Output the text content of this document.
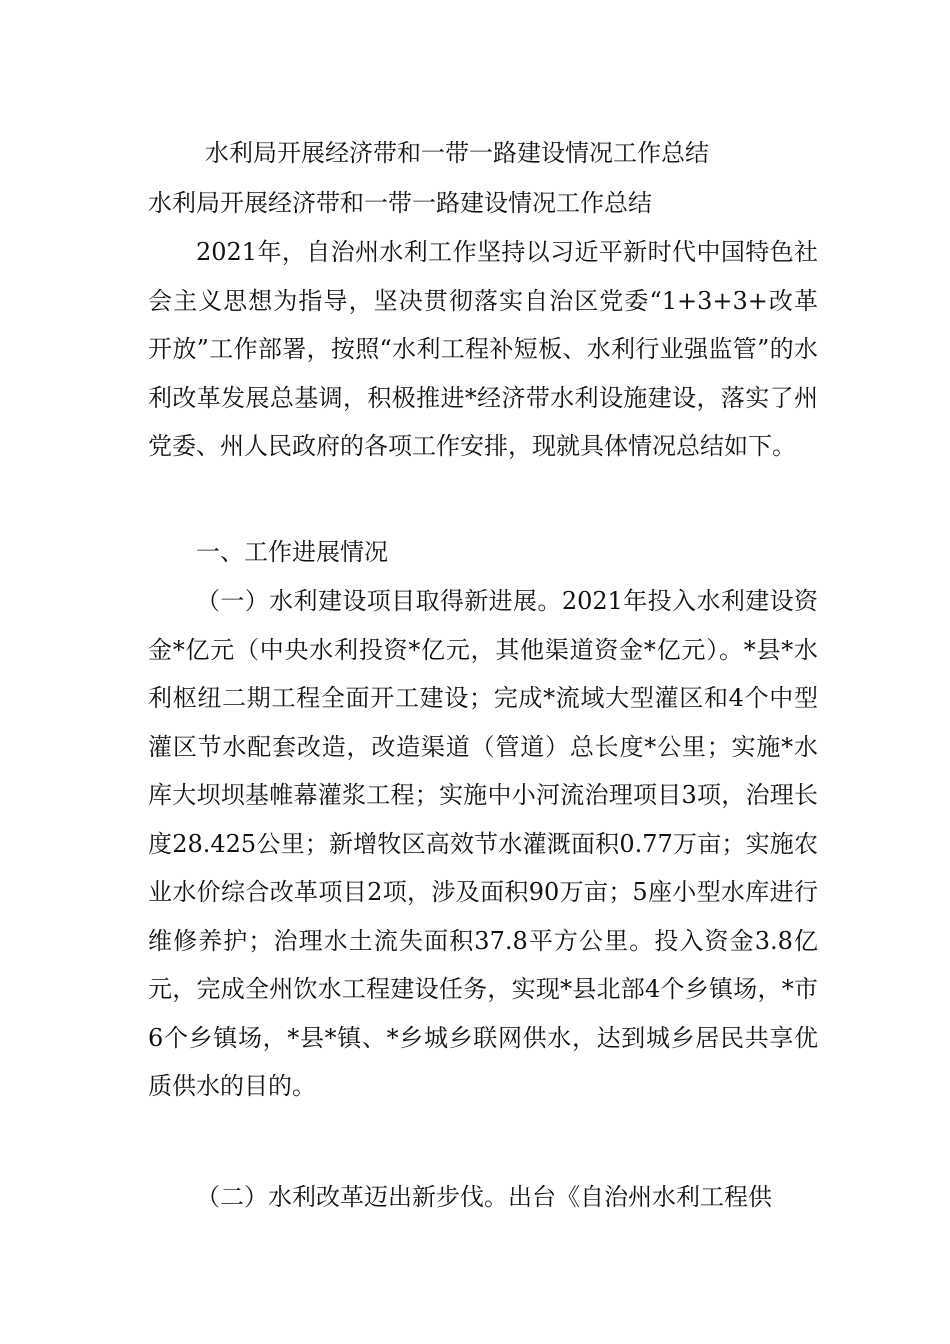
水利局开展经济带和一带一路建设情况工作总结
水利局开展经济带和一带一路建设情况工作总结

2021年，自治州水利工作坚持以习近平新时代中国特色社会主义思想为指导，坚决贯彻落实自治区党委“1+3+3+改革开放”工作部署，按照“水利工程补短板、水利行业强监管”的水利改革发展总基调，积极推进*经济带水利设施建设，落实了州党委、州人民政府的各项工作安排，现就具体情况总结如下。

一、工作进展情况

（一）水利建设项目取得新进展。2021年投入水利建设资金*亿元（中央水利投资*亿元，其他渠道资金*亿元）。*县*水利枢纽二期工程全面开工建设；完成*流域大型灌区和4个中型灌区节水配套改造，改造渠道（管道）总长度*公里；实施*水库大坝坝基帷幕灌浆工程；实施中小河流治理项目3项，治理长度28.425公里；新增牧区高效节水灌溉面积0.77万亩；实施农业水价综合改革项目2项，涉及面积90万亩；5座小型水库进行维修养护；治理水土流失面积37.8平方公里。投入资金3.8亿元，完成全州饮水工程建设任务，实现*县北部4个乡镇场，*市6个乡镇场，*县*镇、*乡城乡联网供水，达到城乡居民共享优质供水的目的。

（二）水利改革迈出新步伐。出台《自治州水利工程供
